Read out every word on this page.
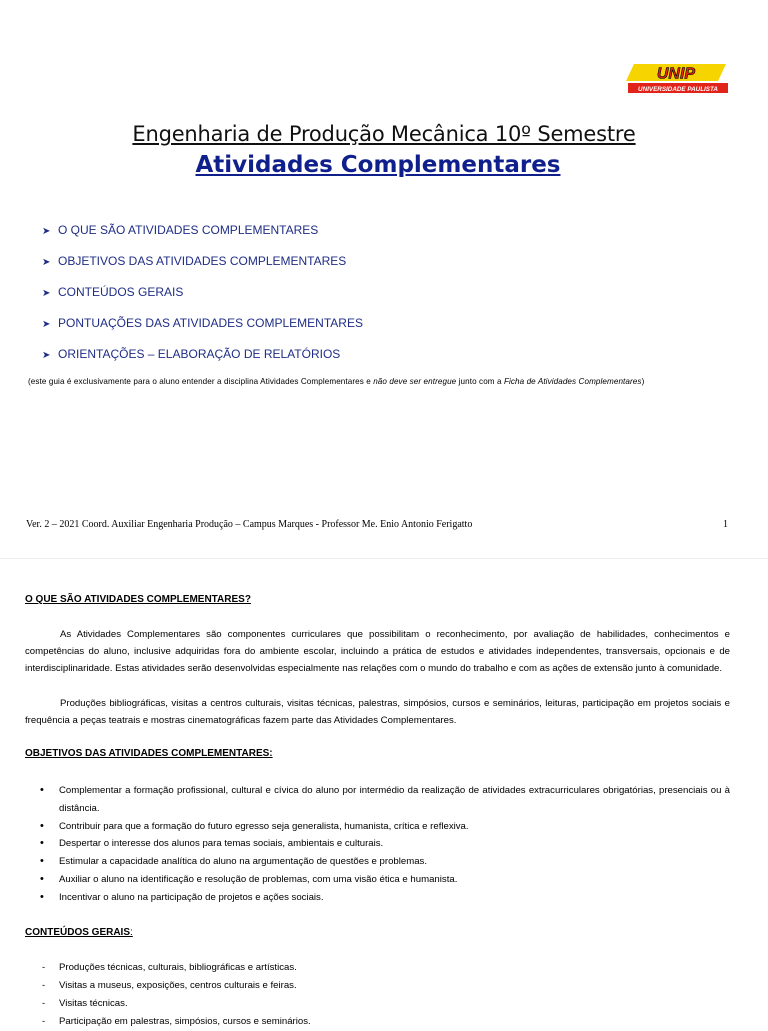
UNIP
UNIVERSIDADE PAULISTA
Engenharia de Produção Mecânica 10º Semestre
Atividades Complementares
➤ O QUE SÃO ATIVIDADES COMPLEMENTARES
➤ OBJETIVOS DAS ATIVIDADES COMPLEMENTARES
➤ CONTEÚDOS GERAIS
➤ PONTUAÇÕES DAS ATIVIDADES COMPLEMENTARES
➤ ORIENTAÇÕES – ELABORAÇÃO DE RELATÓRIOS
(este guia é exclusivamente para o aluno entender a disciplina Atividades Complementares e não deve ser entregue junto com a Ficha de Atividades Complementares)
Ver. 2 – 2021 Coord. Auxiliar Engenharia Produção – Campus Marques - Professor Me. Enio Antonio Ferigatto	1
O QUE SÃO ATIVIDADES COMPLEMENTARES?

As Atividades Complementares são componentes curriculares que possibilitam o reconhecimento, por avaliação de habilidades, conhecimentos e competências do aluno, inclusive adquiridas fora do ambiente escolar, incluindo a prática de estudos e atividades independentes, transversais, opcionais e de interdisciplinaridade. Estas atividades serão desenvolvidas especialmente nas relações com o mundo do trabalho e com as ações de extensão junto à comunidade.

Produções bibliográficas, visitas a centros culturais, visitas técnicas, palestras, simpósios, cursos e seminários, leituras, participação em projetos sociais e frequência a peças teatrais e mostras cinematográficas fazem parte das Atividades Complementares.

OBJETIVOS DAS ATIVIDADES COMPLEMENTARES:
• Complementar a formação profissional, cultural e cívica do aluno por intermédio da realização de atividades extracurriculares obrigatórias, presenciais ou à distância.
• Contribuir para que a formação do futuro egresso seja generalista, humanista, crítica e reflexiva.
• Despertar o interesse dos alunos para temas sociais, ambientais e culturais.
• Estimular a capacidade analítica do aluno na argumentação de questões e problemas.
• Auxiliar o aluno na identificação e resolução de problemas, com uma visão ética e humanista.
• Incentivar o aluno na participação de projetos e ações sociais.
CONTEÚDOS GERAIS:
- Produções técnicas, culturais, bibliográficas e artísticas.
- Visitas a museus, exposições, centros culturais e feiras.
- Visitas técnicas.
- Participação em palestras, simpósios, cursos e seminários.
